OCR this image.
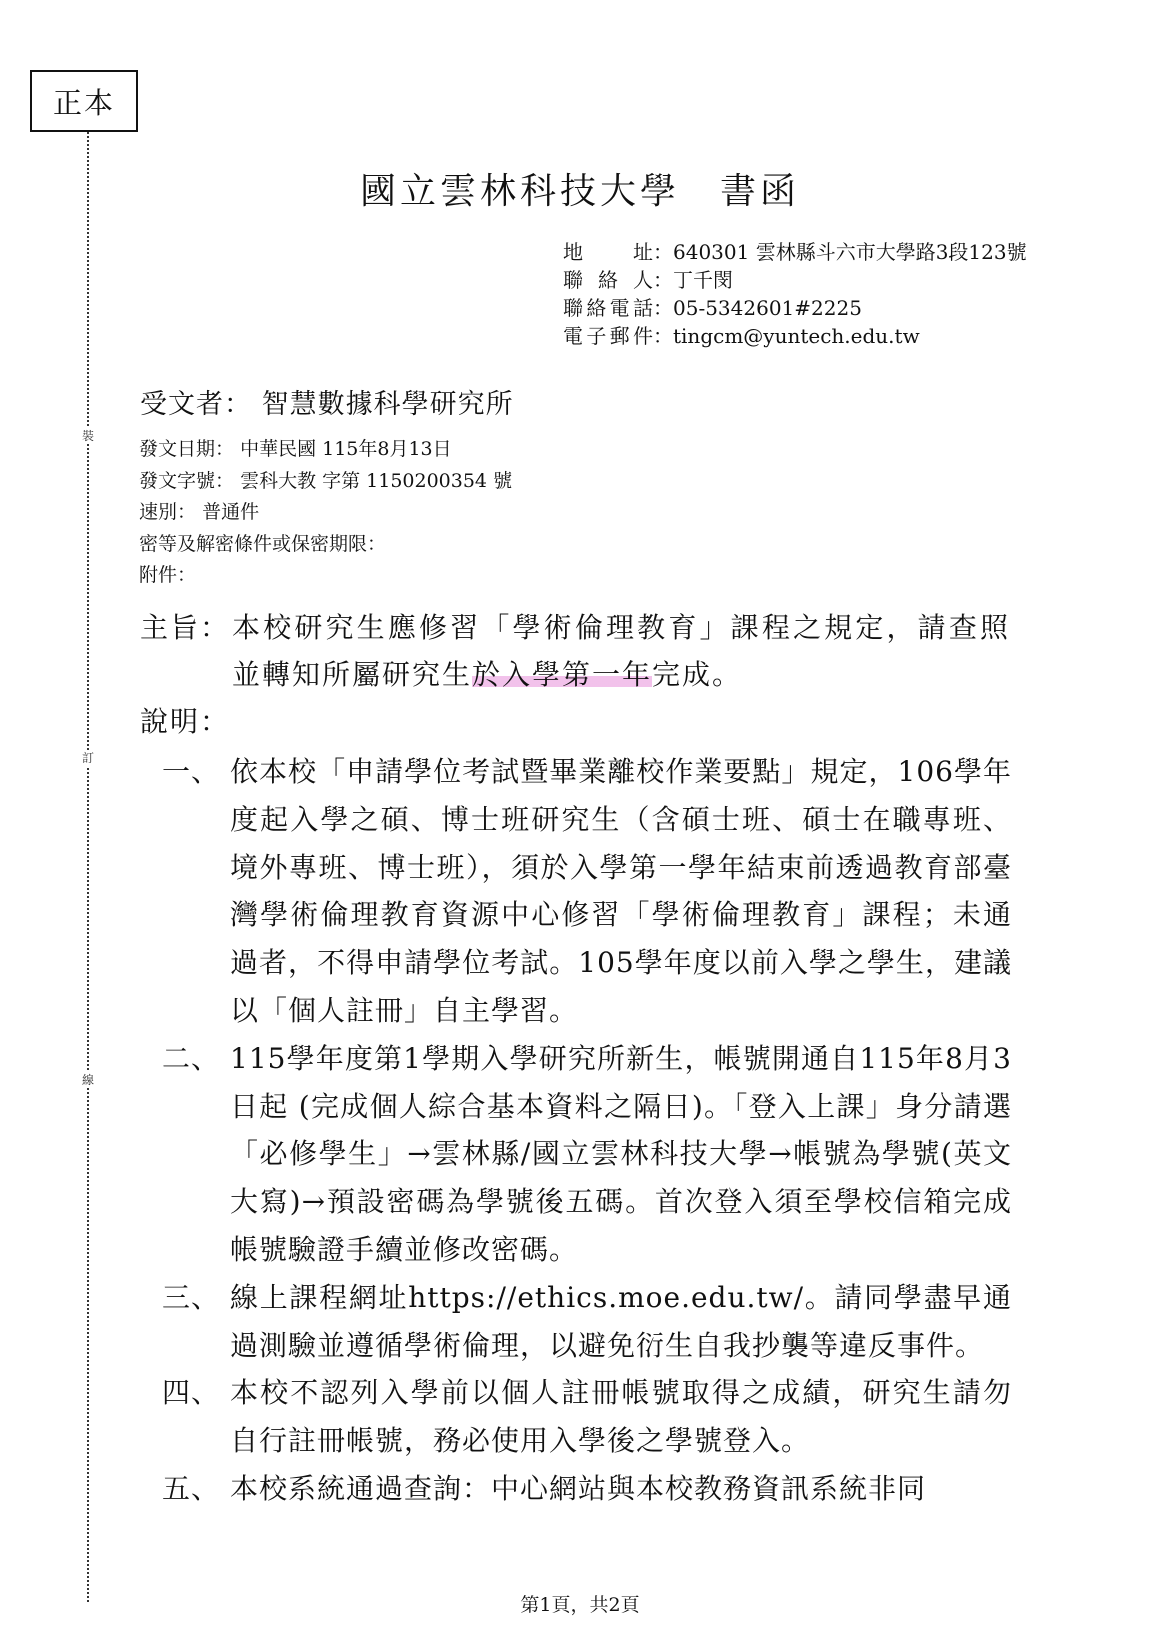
正本
裝
訂
線
國立雲林科技大學 書函
地　　址 ： 640301 雲林縣斗六市大學路3段123號
聯 絡 人 ： 丁千閔
聯絡電話 ： 05-5342601#2225
電子郵件 ： tingcm@yuntech.edu.tw
受文者： 智慧數據科學研究所
發文日期： 中華民國 115年8月13日
發文字號： 雲科大教 字第 1150200354 號
速別： 普通件
密等及解密條件或保密期限：
附件：
主旨： 本校研究生應修習「學術倫理教育」課程之規定，請查照並轉知所屬研究生於入學第一年完成。
說明：
一、 依本校「申請學位考試暨畢業離校作業要點」規定，106學年度起入學之碩、博士班研究生（含碩士班、碩士在職專班、境外專班、博士班），須於入學第一學年結束前透過教育部臺灣學術倫理教育資源中心修習「學術倫理教育」課程；未通過者，不得申請學位考試。105學年度以前入學之學生，建議以「個人註冊」自主學習。
二、 115學年度第1學期入學研究所新生，帳號開通自115年8月3日起 (完成個人綜合基本資料之隔日)。「登入上課」身分請選「必修學生」→雲林縣/國立雲林科技大學→帳號為學號(英文大寫)→預設密碼為學號後五碼。首次登入須至學校信箱完成帳號驗證手續並修改密碼。
三、 線上課程網址https://ethics.moe.edu.tw/。請同學盡早通過測驗並遵循學術倫理，以避免衍生自我抄襲等違反事件。
四、 本校不認列入學前以個人註冊帳號取得之成績，研究生請勿自行註冊帳號，務必使用入學後之學號登入。
五、 本校系統通過查詢：中心網站與本校教務資訊系統非同
第1頁，共2頁
